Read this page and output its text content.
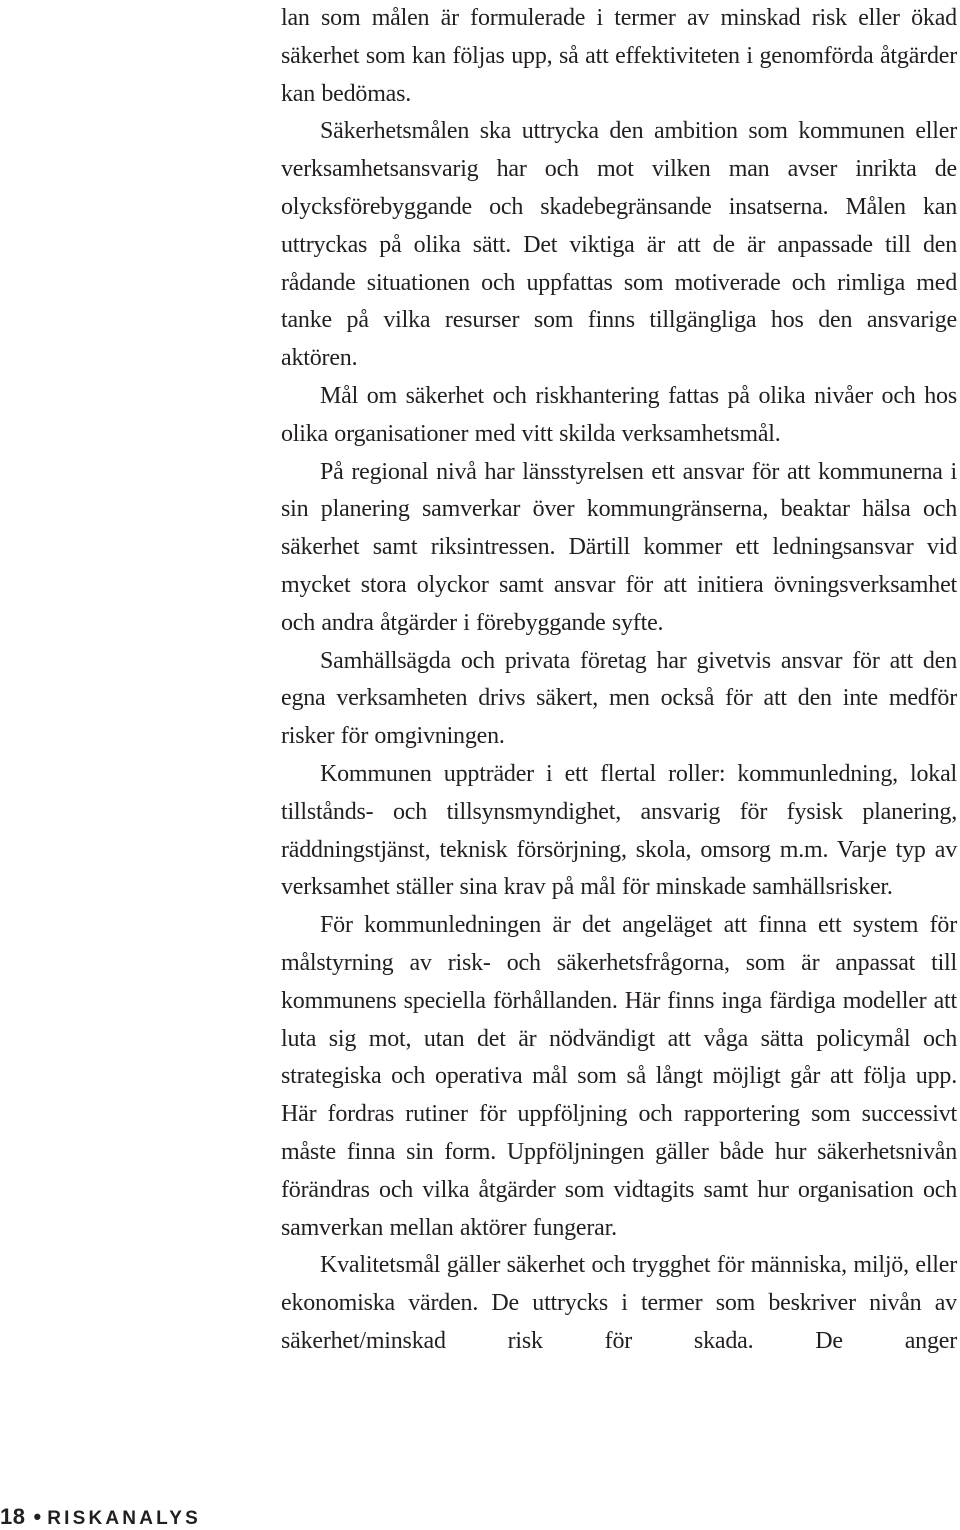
lan som målen är formulerade i termer av minskad risk eller ökad säkerhet som kan följas upp, så att effektiviteten i genomförda åtgärder kan bedömas.

Säkerhetsmålen ska uttrycka den ambition som kommunen eller verksamhetsansvarig har och mot vilken man avser inrikta de olycksförebyggande och skadebegränsande insatserna. Målen kan uttryckas på olika sätt. Det viktiga är att de är anpassade till den rådande situationen och uppfattas som motiverade och rimliga med tanke på vilka resurser som finns tillgängliga hos den ansvarige aktören.

Mål om säkerhet och riskhantering fattas på olika nivåer och hos olika organisationer med vitt skilda verksamhetsmål.

På regional nivå har länsstyrelsen ett ansvar för att kommunerna i sin planering samverkar över kommungränserna, beaktar hälsa och säkerhet samt riksintressen. Därtill kommer ett ledningsansvar vid mycket stora olyckor samt ansvar för att initiera övningsverksamhet och andra åtgärder i förebyggande syfte.

Samhällsägda och privata företag har givetvis ansvar för att den egna verksamheten drivs säkert, men också för att den inte medför risker för omgivningen.

Kommunen uppträder i ett flertal roller: kommunledning, lokal tillstånds- och tillsynsmyndighet, ansvarig för fysisk planering, räddningstjänst, teknisk försörjning, skola, omsorg m.m. Varje typ av verksamhet ställer sina krav på mål för minskade samhällsrisker.

För kommunledningen är det angeläget att finna ett system för målstyrning av risk- och säkerhetsfrågorna, som är anpassat till kommunens speciella förhållanden. Här finns inga färdiga modeller att luta sig mot, utan det är nödvändigt att våga sätta policymål och strategiska och operativa mål som så långt möjligt går att följa upp. Här fordras rutiner för uppföljning och rapportering som successivt måste finna sin form. Uppföljningen gäller både hur säkerhetsnivån förändras och vilka åtgärder som vidtagits samt hur organisation och samverkan mellan aktörer fungerar.

Kvalitetsmål gäller säkerhet och trygghet för människa, miljö, eller ekonomiska värden. De uttrycks i termer som beskriver nivån av säkerhet/minskad risk för skada. De anger

18 • RISKANALYS
